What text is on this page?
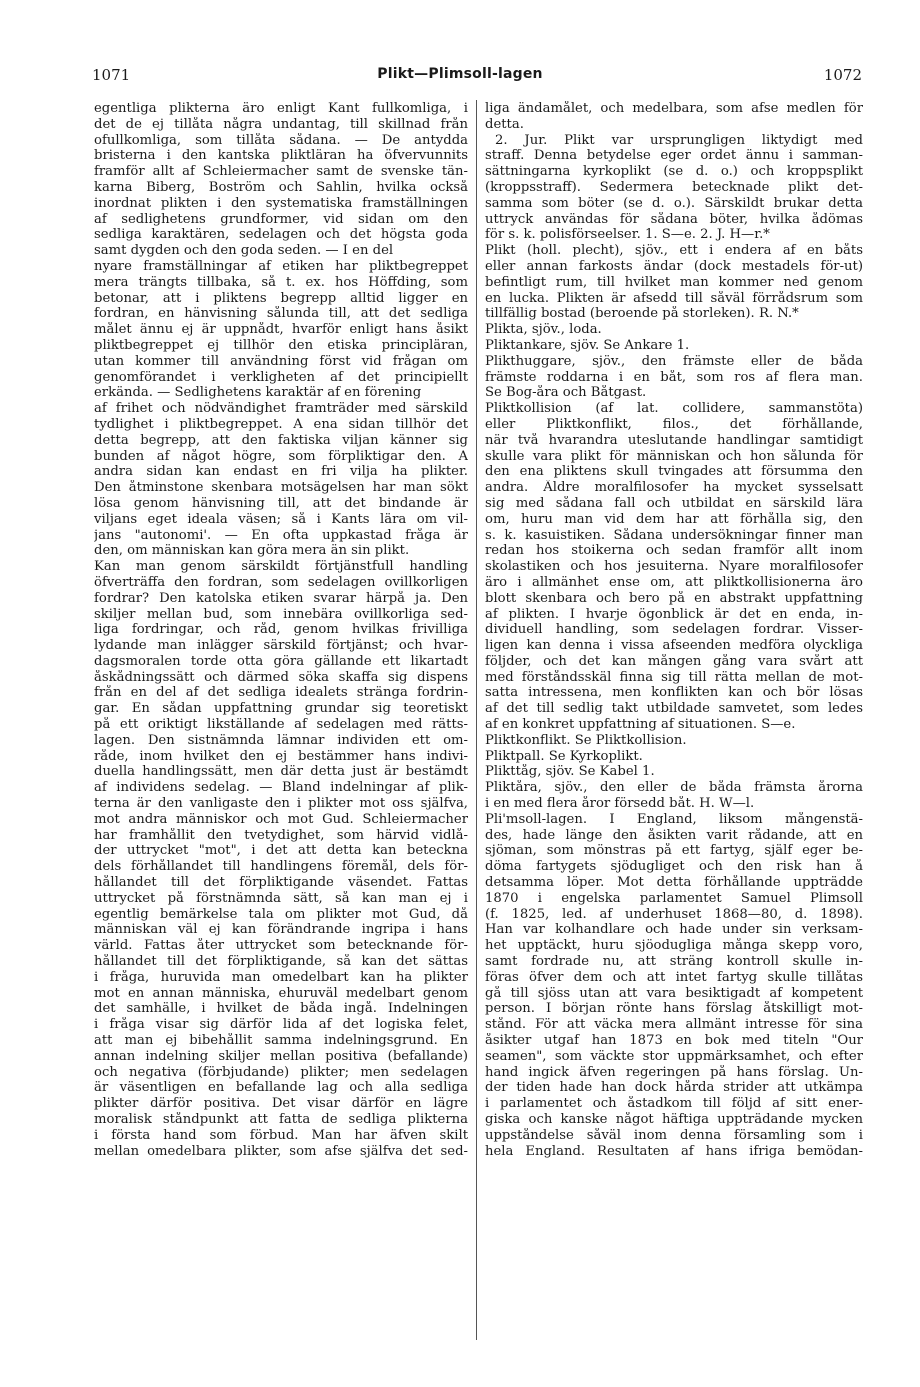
1071	Plikt—Plimsoll-lagen	1072
egentliga plikterna äro enligt Kant fullkomliga, i
det de ej tillåta några undantag, till skillnad från
ofullkomliga, som tillåta sådana. — De antydda
bristerna i den kantska pliktläran ha öfvervunnits
framför allt af Schleiermacher samt de svenske tän-
karna Biberg, Boström och Sahlin, hvilka också
inordnat plikten i den systematiska framställningen
af sedlighetens grundformer, vid sidan om den
sedliga karaktären, sedelagen och det högsta goda
samt dygden och den goda seden. — I en del
nyare framställningar af etiken har pliktbegreppet
mera trängts tillbaka, så t. ex. hos Höffding, som
betonar, att i pliktens begrepp alltid ligger en
fordran, en hänvisning sålunda till, att det sedliga
målet ännu ej är uppnådt, hvarför enligt hans åsikt
pliktbegreppet ej tillhör den etiska principläran,
utan kommer till användning först vid frågan om
genomförandet i verkligheten af det principiellt
erkända. — Sedlighetens karaktär af en förening
af frihet och nödvändighet framträder med särskild
tydlighet i pliktbegreppet. A ena sidan tillhör det
detta begrepp, att den faktiska viljan känner sig
bunden af något högre, som förpliktigar den. A
andra sidan kan endast en fri vilja ha plikter.
Den åtminstone skenbara motsägelsen har man sökt
lösa genom hänvisning till, att det bindande är
viljans eget ideala väsen; så i Kants lära om vil-
jans "autonomi'. — En ofta uppkastad fråga är
den, om människan kan göra mera än sin plikt.
Kan man genom särskildt förtjänstfull handling
öfverträffa den fordran, som sedelagen ovillkorligen
fordrar? Den katolska etiken svarar härpå ja. Den
skiljer mellan bud, som innebära ovillkorliga sed-
liga fordringar, och råd, genom hvilkas frivilliga
lydande man inlägger särskild förtjänst; och hvar-
dagsmoralen torde otta göra gällande ett likartadt
åskådningssätt och därmed söka skaffa sig dispens
från en del af det sedliga idealets stränga fordrin-
gar. En sådan uppfattning grundar sig teoretiskt
på ett oriktigt likställande af sedelagen med rätts-
lagen. Den sistnämnda lämnar individen ett om-
råde, inom hvilket den ej bestämmer hans indivi-
duella handlingssätt, men där detta just är bestämdt
af individens sedelag. — Bland indelningar af plik-
terna är den vanligaste den i plikter mot oss själfva,
mot andra människor och mot Gud. Schleiermacher
har framhållit den tvetydighet, som härvid vidlå-
der uttrycket "mot", i det att detta kan beteckna
dels förhållandet till handlingens föremål, dels för-
hållandet till det förpliktigande väsendet. Fattas
uttrycket på förstnämnda sätt, så kan man ej i
egentlig bemärkelse tala om plikter mot Gud, då
människan väl ej kan förändrande ingripa i hans
värld. Fattas åter uttrycket som betecknande för-
hållandet till det förpliktigande, så kan det sättas
i fråga, huruvida man omedelbart kan ha plikter
mot en annan människa, ehuruväl medelbart genom
det samhälle, i hvilket de båda ingå. Indelningen
i fråga visar sig därför lida af det logiska felet,
att man ej bibehållit samma indelningsgrund. En
annan indelning skiljer mellan positiva (befallande)
och negativa (förbjudande) plikter; men sedelagen
är väsentligen en befallande lag och alla sedliga
plikter därför positiva. Det visar därför en lägre
moralisk ståndpunkt att fatta de sedliga plikterna
i första hand som förbud. Man har äfven skilt
mellan omedelbara plikter, som afse själfva det sed-
liga ändamålet, och medelbara, som afse medlen för
detta.
2. Jur. Plikt var ursprungligen liktydigt med
straff. Denna betydelse eger ordet ännu i samman-
sättningarna kyrkoplikt (se d. o.) och kroppsplikt
(kroppsstraff). Sedermera betecknade plikt det-
samma som böter (se d. o.). Särskildt brukar detta
uttryck användas för sådana böter, hvilka ådömas
för s. k. polisförseelser. 1. S—e. 2. J. H—r.*
Plikt (holl. plecht), sjöv., ett i endera af en båts
eller annan farkosts ändar (dock mestadels för-ut)
befintligt rum, till hvilket man kommer ned genom
en lucka. Plikten är afsedd till såväl förrådsrum som
tillfällig bostad (beroende på storleken). R. N.*
Plikta, sjöv., loda.
Pliktankare, sjöv. Se Ankare 1.
Plikthuggare, sjöv., den främste eller de båda
främste roddarna i en båt, som ros af flera man.
Se Bog-åra och Båtgast.
Pliktkollision (af lat. collidere, sammanstöta)
eller Pliktkonflikt, filos., det förhållande,
när två hvarandra uteslutande handlingar samtidigt
skulle vara plikt för människan och hon sålunda för
den ena pliktens skull tvingades att försumma den
andra. Äldre moralfilosofer ha mycket sysselsatt
sig med sådana fall och utbildat en särskild lära
om, huru man vid dem har att förhålla sig, den
s. k. kasuistiken. Sådana undersökningar finner man
redan hos stoikerna och sedan framför allt inom
skolastiken och hos jesuiterna. Nyare moralfilosofer
äro i allmänhet ense om, att pliktkollisionerna äro
blott skenbara och bero på en abstrakt uppfattning
af plikten. I hvarje ögonblick är det en enda, in-
dividuell handling, som sedelagen fordrar. Visser-
ligen kan denna i vissa afseenden medföra olyckliga
följder, och det kan mången gång vara svårt att
med förståndsskäl finna sig till rätta mellan de mot-
satta intressena, men konflikten kan och bör lösas
af det till sedlig takt utbildade samvetet, som ledes
af en konkret uppfattning af situationen. S—e.
Pliktkonflikt. Se Pliktkollision.
Pliktpall. Se Kyrkoplikt.
Plikttåg, sjöv. Se Kabel 1.
Pliktåra, sjöv., den eller de båda främsta årorna
i en med flera åror försedd båt. H. W—l.
Pli'msoll-lagen. I England, liksom mångenstä-
des, hade länge den åsikten varit rådande, att en
sjöman, som mönstras på ett fartyg, själf eger be-
döma fartygets sjödugliget och den risk han å
detsamma löper. Mot detta förhållande uppträdde
1870 i engelska parlamentet Samuel Plimsoll
(f. 1825, led. af underhuset 1868—80, d. 1898).
Han var kolhandlare och hade under sin verksam-
het upptäckt, huru sjöodugliga många skepp voro,
samt fordrade nu, att sträng kontroll skulle in-
föras öfver dem och att intet fartyg skulle tillåtas
gå till sjöss utan att vara besiktigadt af kompetent
person. I början rönte hans förslag åtskilligt mot-
stånd. För att väcka mera allmänt intresse för sina
åsikter utgaf han 1873 en bok med titeln "Our
seamen", som väckte stor uppmärksamhet, och efter
hand ingick äfven regeringen på hans förslag. Un-
der tiden hade han dock hårda strider att utkämpa
i parlamentet och åstadkom till följd af sitt ener-
giska och kanske något häftiga uppträdande mycken
uppståndelse såväl inom denna församling som i
hela England. Resultaten af hans ifriga bemödan-
